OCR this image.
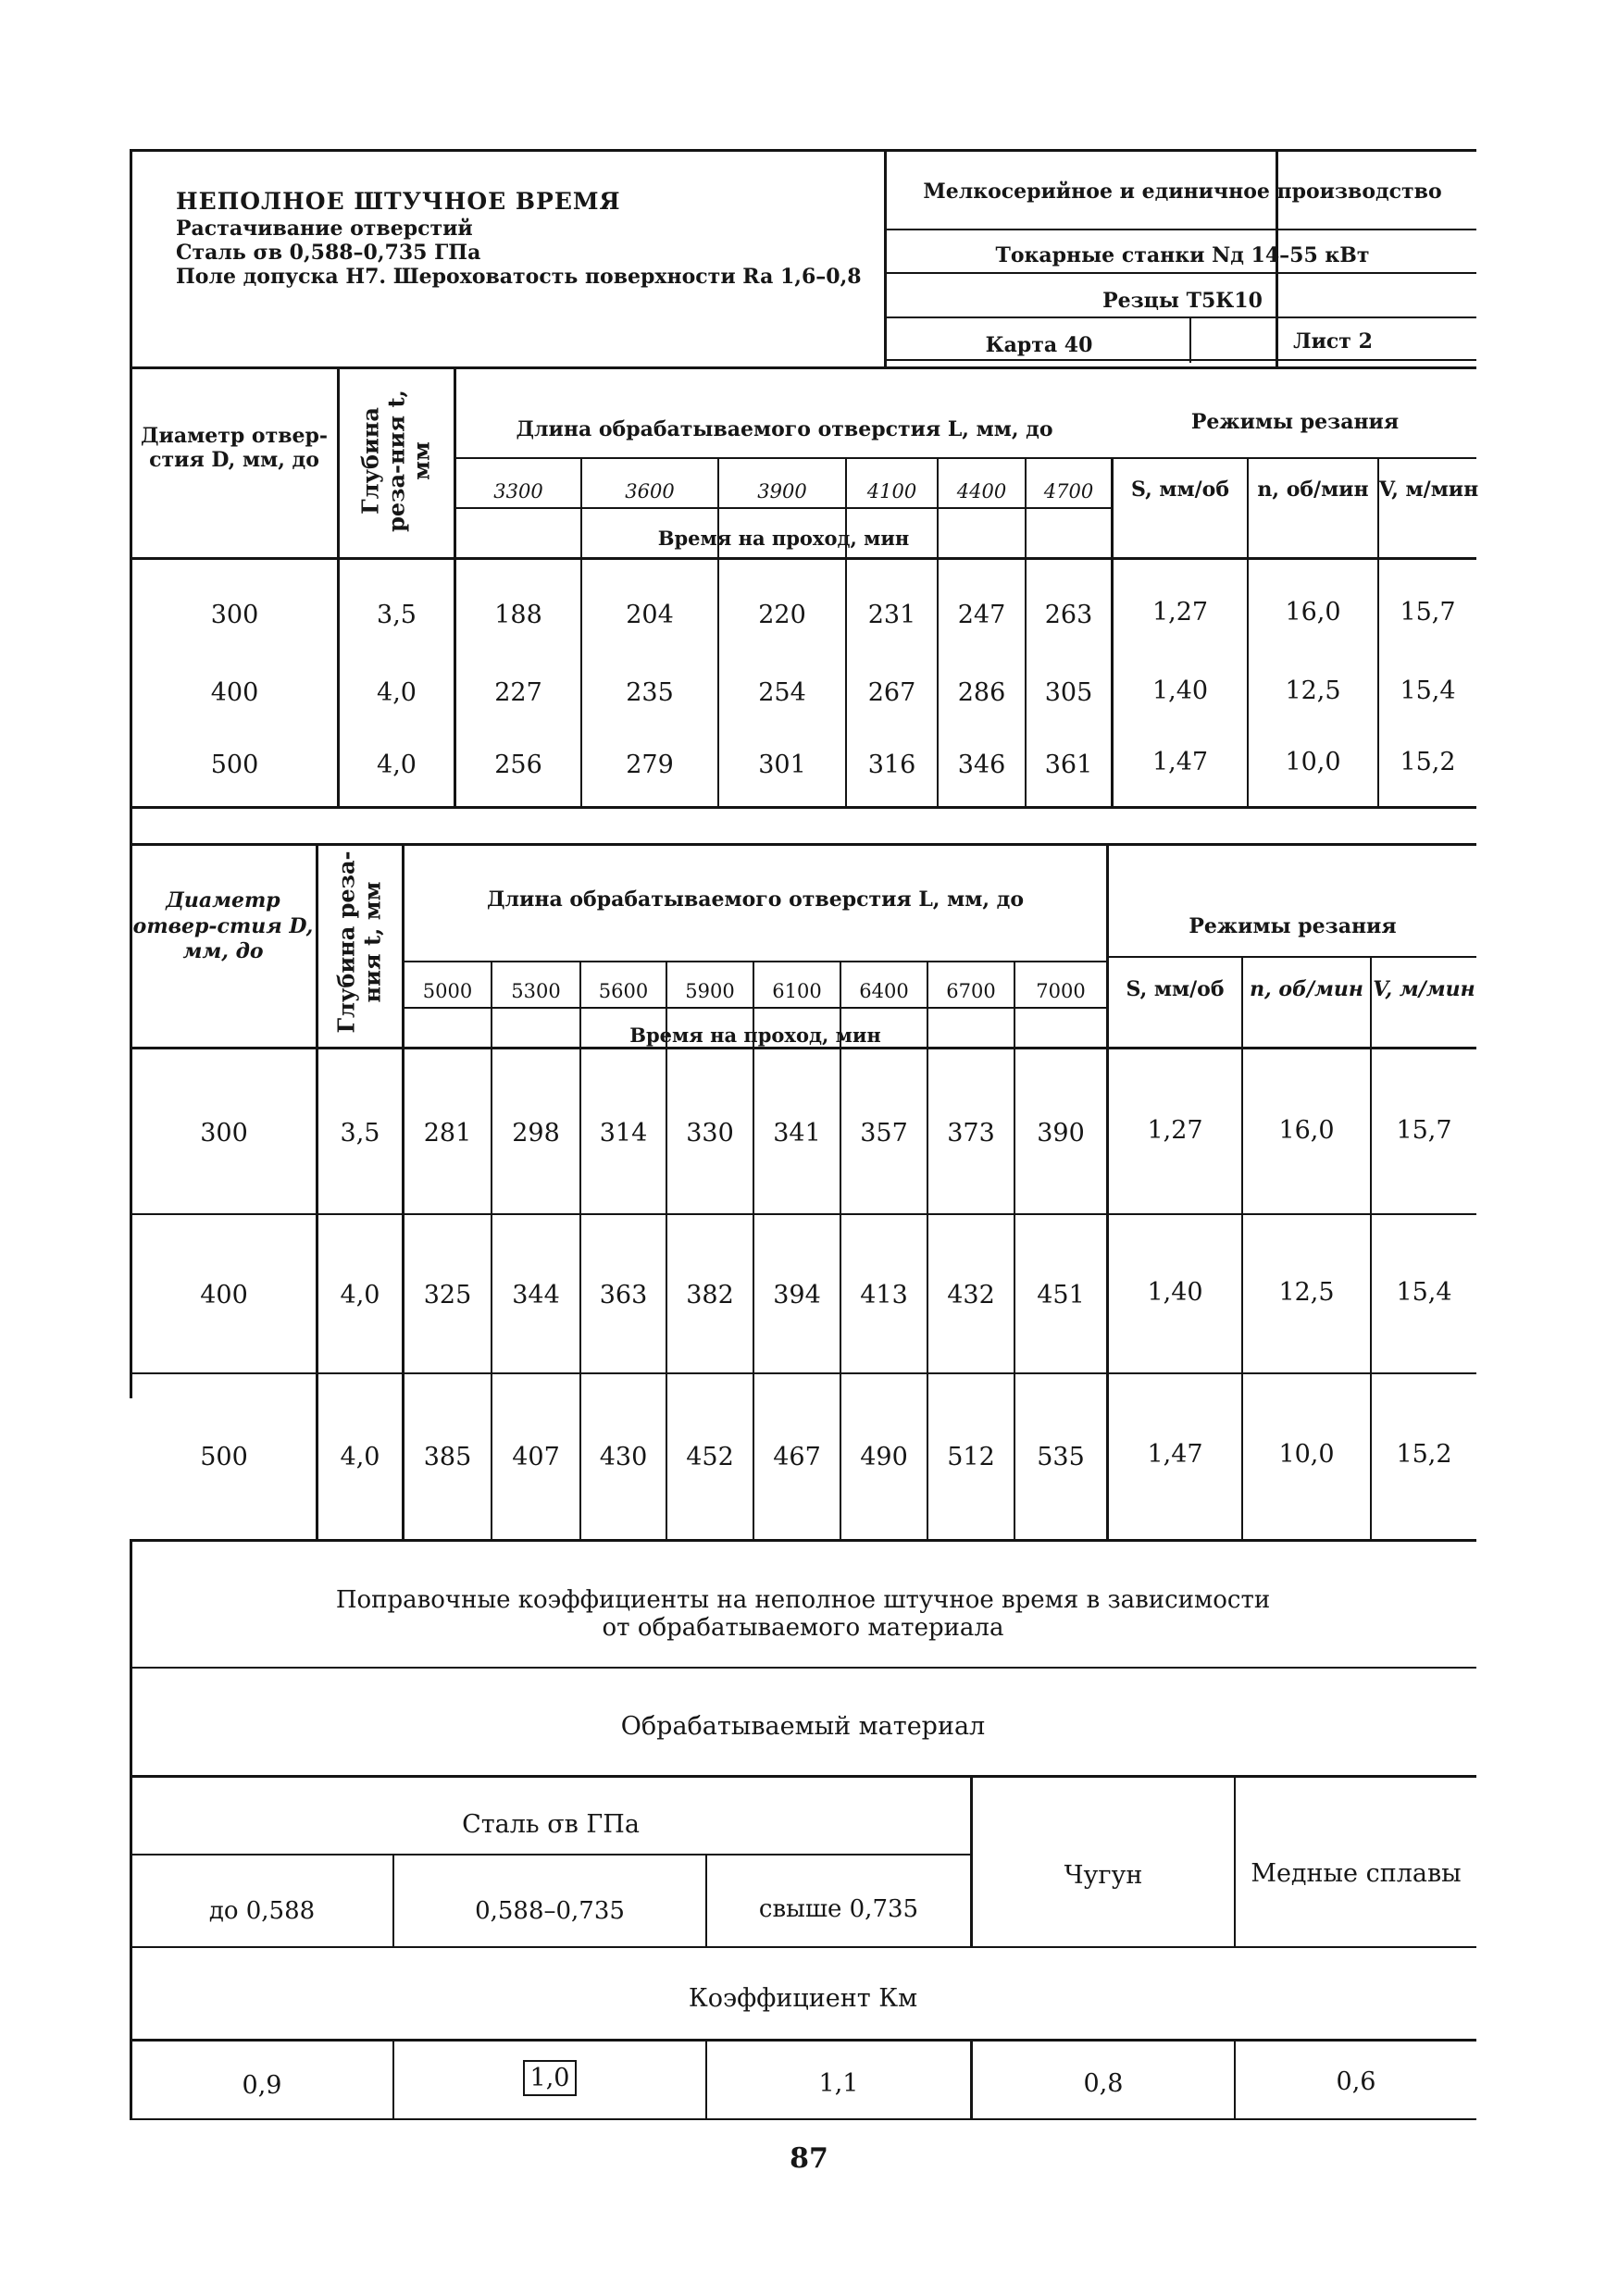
НЕПОЛНОЕ ШТУЧНОЕ ВРЕМЯ
Растачивание отверстий
Сталь σв 0,588–0,735 ГПа
Поле допуска Н7. Шероховатость поверхности Ra 1,6–0,8
Мелкосерийное и единичное производство
Токарные станки Nд 14–55 кВт
Резцы Т5К10
Карта 40	Лист 2
Диаметр отвер-стия D, мм, до	Глубина реза-ния t, мм
Длина обрабатываемого отверстия L, мм, до	Режимы резания
3300	3600	3900	4100	4400	4700
Время на проход, мин
S, мм/об	n, об/мин V, м/мин
300	3,5	188	204	220	231	247	263	1,27	16,0	15,7
400	4,0	227	235	254	267	286	305	1,40	12,5	15,4
500	4,0	256	279	301	316	346	361	1,47	10,0	15,2
Диаметр отвер-стия D, мм, до	Глубина реза-ния t, мм	Длина обрабатываемого отверстия L, мм, до
Режимы резания
5000	5300	5600	5900	6100	6400	6700	7000
Время на проход, мин
S, мм/об	n, об/мин V, м/мин
300	3,5	281	298	314	330	341	357	373	390	1,27	16,0	15,7
400	4,0	325	344	363	382	394	413	432	451	1,40	12,5	15,4
500	4,0	385	407	430	452	467	490	512	535	1,47	10,0	15,2
Поправочные коэффициенты на неполное штучное время в зависимости
от обрабатываемого материала
Обрабатываемый материал
Сталь σв ГПа
до 0,588	0,588–0,735	свыше 0,735
Чугун	Медные сплавы
Коэффициент Км
0,9	1,0	1,1	0,8	0,6
87
